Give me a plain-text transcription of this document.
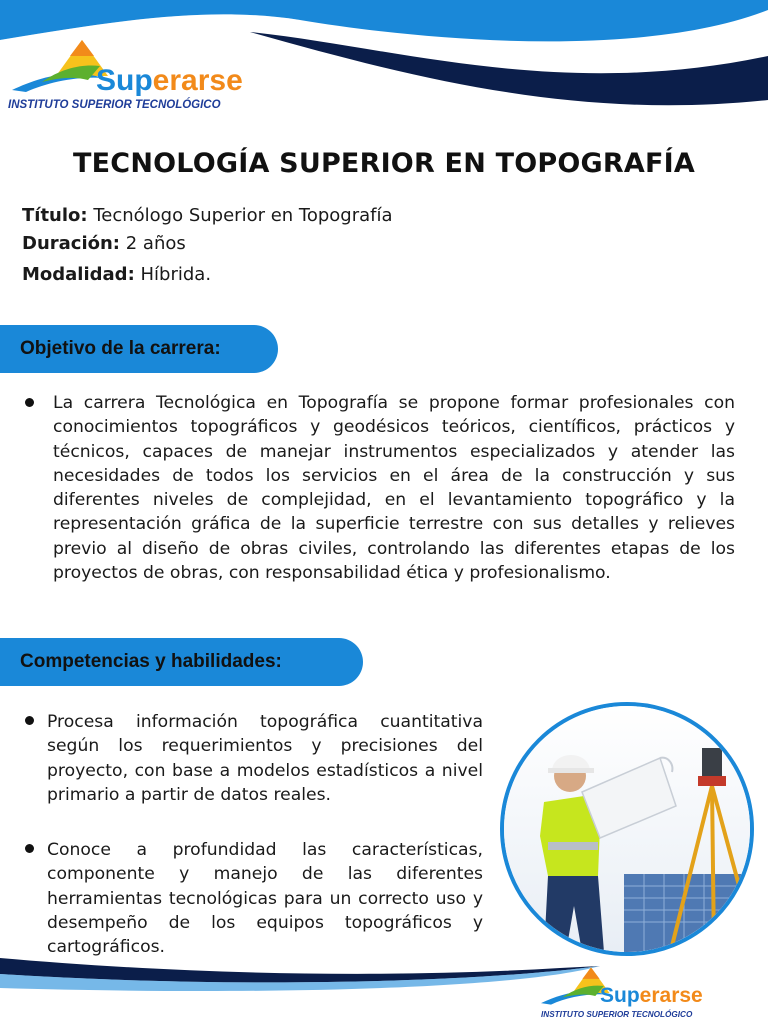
Superarse
INSTITUTO SUPERIOR TECNOLÓGICO
TECNOLOGÍA SUPERIOR EN TOPOGRAFÍA
Título: Tecnólogo Superior en Topografía
Duración: 2 años
Modalidad: Híbrida.
Objetivo de la carrera:
La carrera Tecnológica en Topografía se propone formar profesionales con conocimientos topográficos y geodésicos teóricos, científicos, prácticos y técnicos, capaces de manejar instrumentos especializados y atender las necesidades de todos los servicios en el área de la construcción y sus diferentes niveles de complejidad, en el levantamiento topográfico y la representación gráfica de la superficie terrestre con sus detalles y relieves previo al diseño de obras civiles, controlando las diferentes etapas de los proyectos de obras, con responsabilidad ética y profesionalismo.
Competencias y habilidades:
Procesa información topográfica cuantitativa según los requerimientos y precisiones del proyecto, con base a modelos estadísticos a nivel primario a partir de datos reales.
Conoce a profundidad las características, componente y manejo de las diferentes herramientas tecnológicas para un correcto uso y desempeño de los equipos topográficos y cartográficos.
Superarse
INSTITUTO SUPERIOR TECNOLÓGICO
